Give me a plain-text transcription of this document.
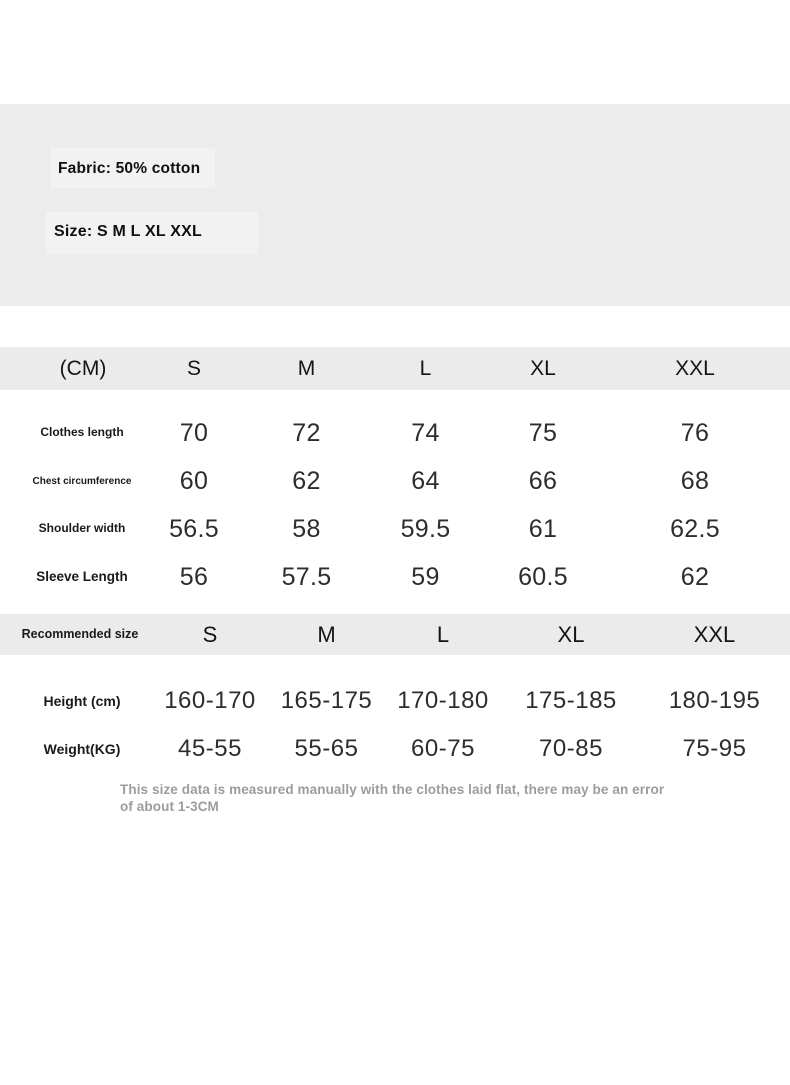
Fabric: 50% cotton
Size: S M L XL XXL
(CM)	S	M	L	XL	XXL
Clothes length	70	72	74	75	76
Chest circumference	60	62	64	66	68
Shoulder width	56.5	58	59.5	61	62.5
Sleeve Length	56	57.5	59	60.5	62
Recommended size	S	M	L	XL	XXL
Height (cm)	160-170	165-175	170-180	175-185	180-195
Weight(KG)	45-55	55-65	60-75	70-85	75-95

This size data is measured manually with the clothes laid flat, there may be an error of about 1-3CM
